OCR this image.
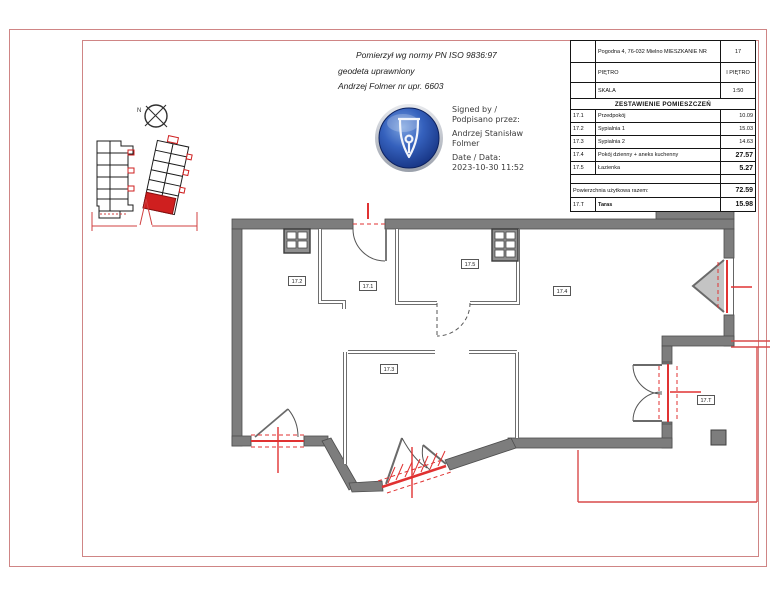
N
17.2
17.1
17.5
17.4
17.3
17.T
Pomierzył wg normy PN ISO 9836:97
geodeta uprawniony
Andrzej Folmer nr upr. 6603
Signed by /
Podpisano przez:
Andrzej Stanisław
Folmer
Date / Data:
2023-10-30 11:52
Pogodna 4, 76-032 Mielno MIESZKANIE NR	17
PIĘTRO	I PIĘTRO
SKALA	1:50
ZESTAWIENIE POMIESZCZEŃ
17.1	Przedpokój	10.09
17.2	Sypialnia 1	15.03
17.3	Sypialnia 2	14.63
17.4	Pokój dzienny + aneks kuchenny	27.57
17.5	Łazienka	5.27
Powierzchnia użytkowa razem:	72.59
17.T	Taras	15.98
